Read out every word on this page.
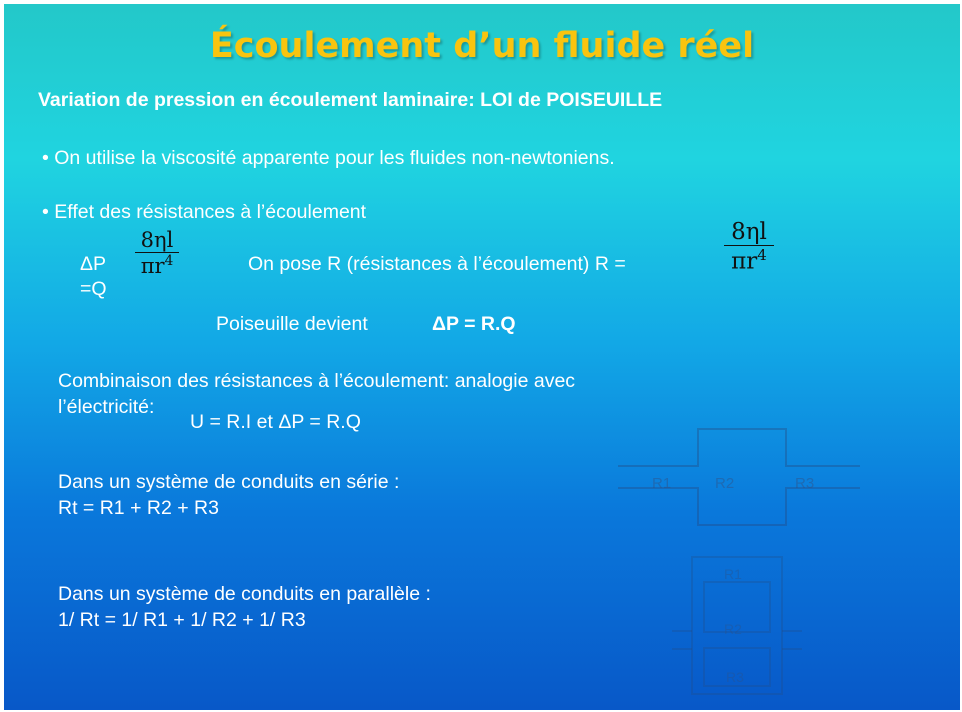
Écoulement d’un fluide réel
Variation de pression en écoulement laminaire: LOI de POISEUILLE
• On utilise la viscosité apparente pour les fluides non-newtoniens.
• Effet des résistances à l’écoulement
ΔP
=Q
8ηl
$\pi r^4$	On pose R (résistances à l’écoulement) R =
8ηl
$\pi r^4$
Poiseuille devient	ΔP = R.Q
Combinaison des résistances à l’écoulement: analogie avec
l’électricité:
U = R.I et ΔP = R.Q
Dans un système de conduits en série :
Rt = R1 + R2 + R3
Dans un système de conduits en parallèle :
1/ Rt = 1/ R1 + 1/ R2 + 1/ R3
R1	R2	R3
R1
R2
R3
